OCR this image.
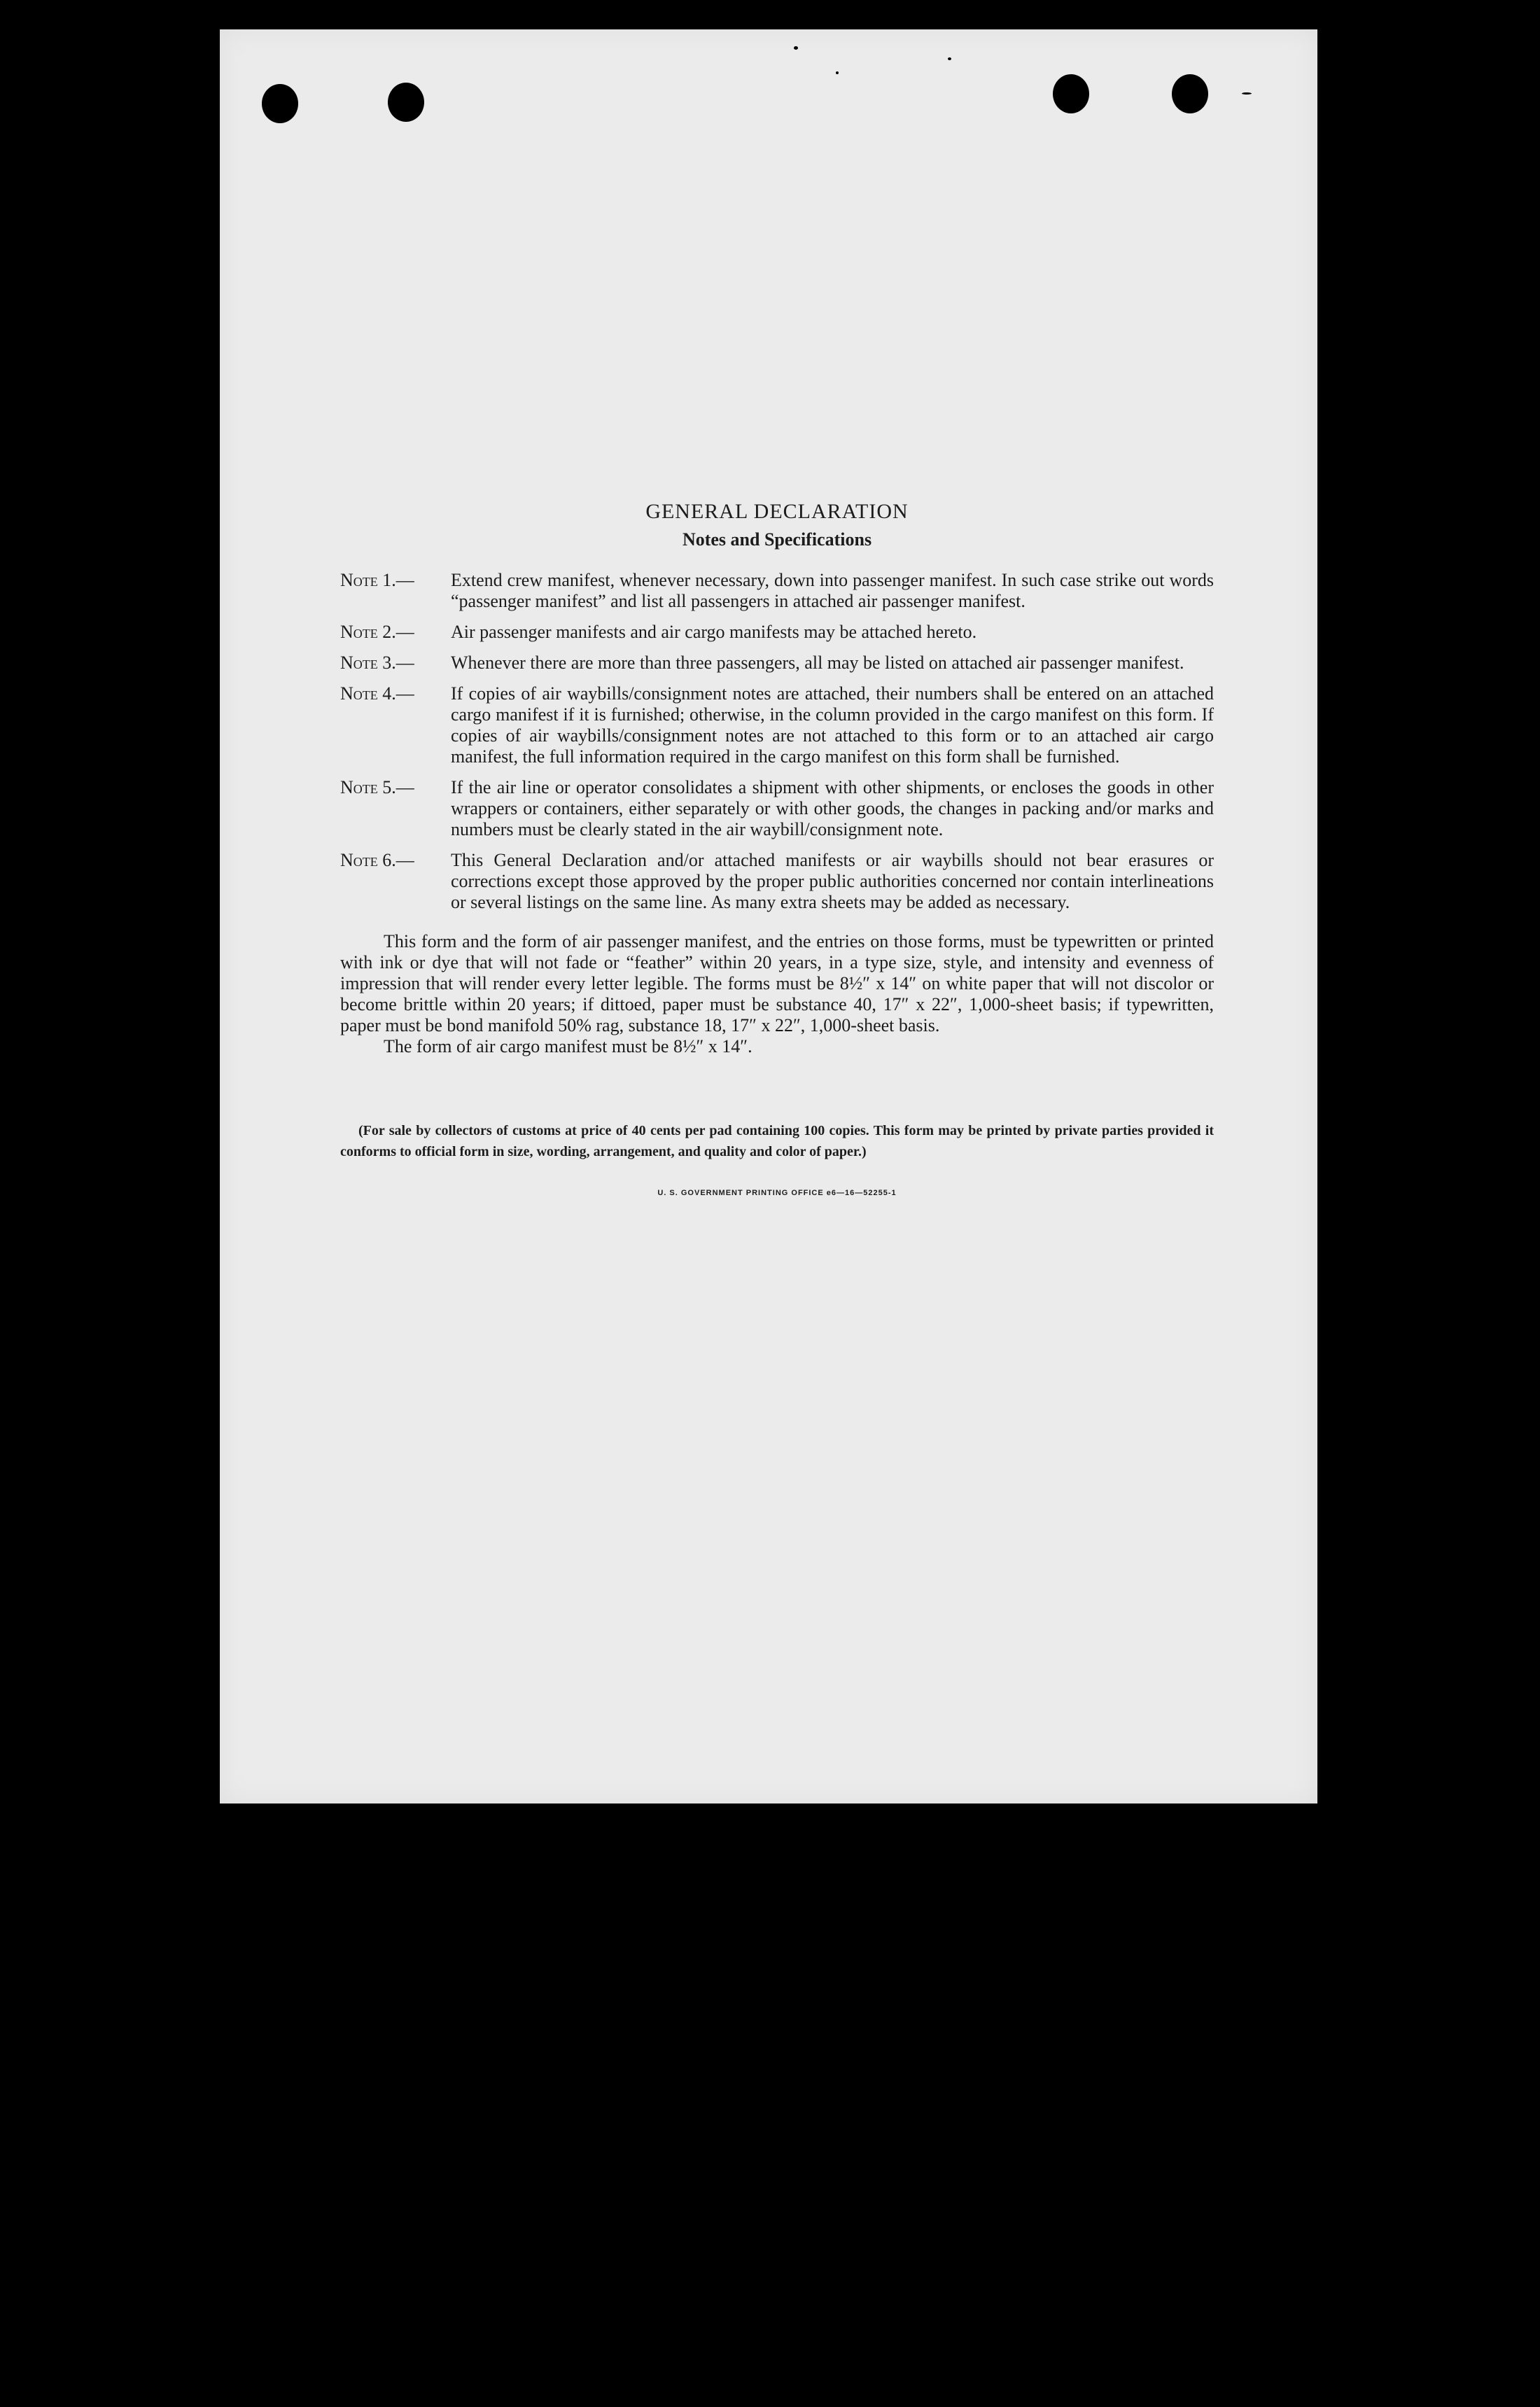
GENERAL DECLARATION
Notes and Specifications
Note 1.— Extend crew manifest, whenever necessary, down into passenger manifest. In such case strike out words “passenger manifest” and list all passengers in attached air passenger manifest.
Note 2.— Air passenger manifests and air cargo manifests may be attached hereto.
Note 3.— Whenever there are more than three passengers, all may be listed on attached air passenger manifest.
Note 4.— If copies of air waybills/consignment notes are attached, their numbers shall be entered on an attached cargo manifest if it is furnished; otherwise, in the column provided in the cargo manifest on this form. If copies of air waybills/consignment notes are not attached to this form or to an attached air cargo manifest, the full information required in the cargo manifest on this form shall be furnished.
Note 5.— If the air line or operator consolidates a shipment with other shipments, or encloses the goods in other wrappers or containers, either separately or with other goods, the changes in packing and/or marks and numbers must be clearly stated in the air waybill/consignment note.
Note 6.— This General Declaration and/or attached manifests or air waybills should not bear erasures or corrections except those approved by the proper public authorities concerned nor contain interlineations or several listings on the same line. As many extra sheets may be added as necessary.

This form and the form of air passenger manifest, and the entries on those forms, must be typewritten or printed with ink or dye that will not fade or “feather” within 20 years, in a type size, style, and intensity and evenness of impression that will render every letter legible. The forms must be 8½″ x 14″ on white paper that will not discolor or become brittle within 20 years; if dittoed, paper must be substance 40, 17″ x 22″, 1,000-sheet basis; if typewritten, paper must be bond manifold 50% rag, substance 18, 17″ x 22″, 1,000-sheet basis.

The form of air cargo manifest must be 8½″ x 14″.

(For sale by collectors of customs at price of 40 cents per pad containing 100 copies. This form may be printed by private parties provided it conforms to official form in size, wording, arrangement, and quality and color of paper.)

U. S. GOVERNMENT PRINTING OFFICE e6—16—52255-1
